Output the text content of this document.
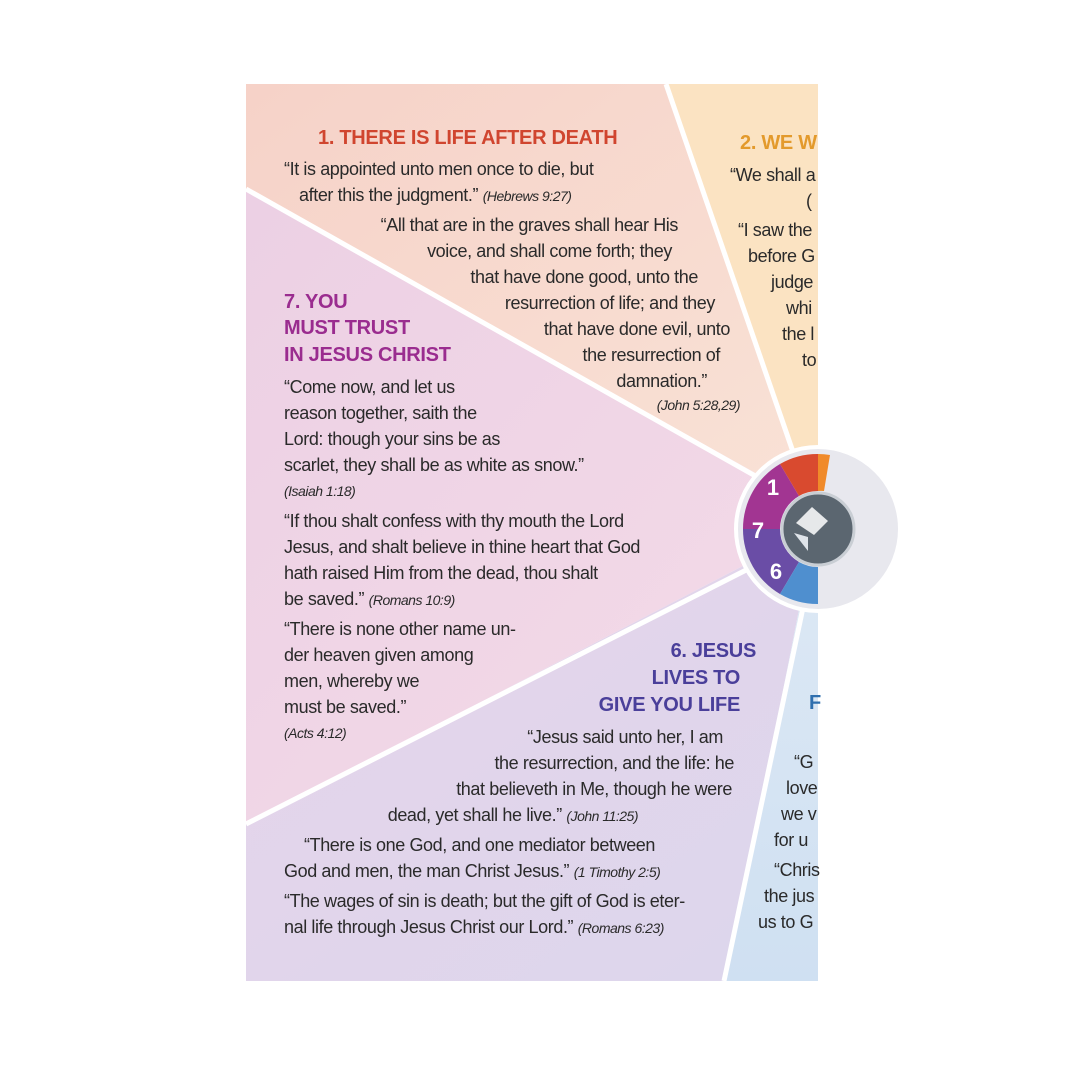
1
7
6
1. THERE IS LIFE AFTER DEATH
“It is appointed unto men once to die, but
after this the judgment.” (Hebrews 9:27)
“All that are in the graves shall hear His
voice, and shall come forth; they
that have done good, unto the
resurrection of life; and they
that have done evil, unto
the resurrection of
damnation.”
(John 5:28,29)
2. WE W
“We shall a
(
“I saw the
before G
judge
whi
the l
to
7. YOU
MUST TRUST
IN JESUS CHRIST
“Come now, and let us
reason together, saith the
Lord: though your sins be as
scarlet, they shall be as white as snow.”
(Isaiah 1:18)
“If thou shalt confess with thy mouth the Lord
Jesus, and shalt believe in thine heart that God
hath raised Him from the dead, thou shalt
be saved.” (Romans 10:9)
“There is none other name un-
der heaven given among
men, whereby we
must be saved.”
(Acts 4:12)
6. JESUS
LIVES TO
GIVE YOU LIFE
“Jesus said unto her, I am
the resurrection, and the life: he
that believeth in Me, though he were
dead, yet shall he live.” (John 11:25)
“There is one God, and one mediator between
God and men, the man Christ Jesus.” (1 Timothy 2:5)
“The wages of sin is death; but the gift of God is eter-
nal life through Jesus Christ our Lord.” (Romans 6:23)
F
“G
love
we v
for u
“Chris
the jus
us to G
